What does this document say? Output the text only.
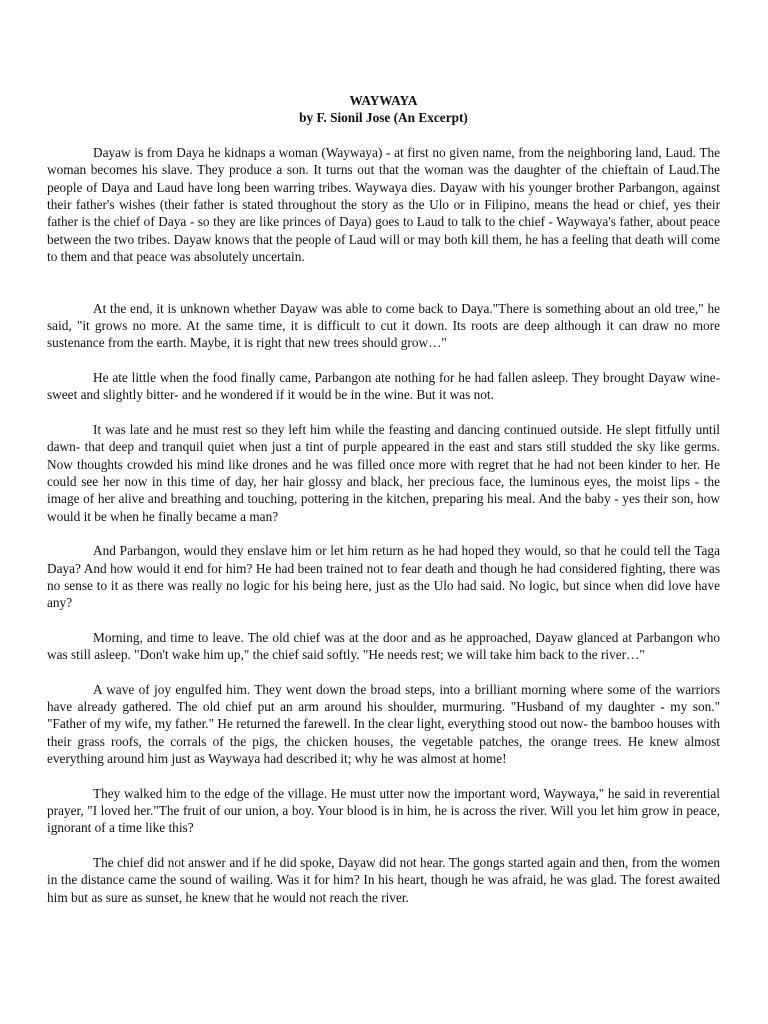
WAYWAYA

by F. Sionil Jose (An Excerpt)

Dayaw is from Daya he kidnaps a woman (Waywaya) - at first no given name, from the neighboring land, Laud. The woman becomes his slave. They produce a son. It turns out that the woman was the daughter of the chieftain of Laud.The people of Daya and Laud have long been warring tribes. Waywaya dies. Dayaw with his younger brother Parbangon, against their father's wishes (their father is stated throughout the story as the Ulo or in Filipino, means the head or chief, yes their father is the chief of Daya - so they are like princes of Daya) goes to Laud to talk to the chief - Waywaya's father, about peace between the two tribes. Dayaw knows that the people of Laud will or may both kill them, he has a feeling that death will come to them and that peace was absolutely uncertain.

At the end, it is unknown whether Dayaw was able to come back to Daya."There is something about an old tree," he said, "it grows no more. At the same time, it is difficult to cut it down. Its roots are deep although it can draw no more sustenance from the earth. Maybe, it is right that new trees should grow…"

He ate little when the food finally came, Parbangon ate nothing for he had fallen asleep. They brought Dayaw wine- sweet and slightly bitter- and he wondered if it would be in the wine. But it was not.

It was late and he must rest so they left him while the feasting and dancing continued outside. He slept fitfully until dawn- that deep and tranquil quiet when just a tint of purple appeared in the east and stars still studded the sky like germs. Now thoughts crowded his mind like drones and he was filled once more with regret that he had not been kinder to her. He could see her now in this time of day, her hair glossy and black, her precious face, the luminous eyes, the moist lips - the image of her alive and breathing and touching, pottering in the kitchen, preparing his meal. And the baby - yes their son, how would it be when he finally became a man?

And Parbangon, would they enslave him or let him return as he had hoped they would, so that he could tell the Taga Daya? And how would it end for him? He had been trained not to fear death and though he had considered fighting, there was no sense to it as there was really no logic for his being here, just as the Ulo had said. No logic, but since when did love have any?

Morning, and time to leave. The old chief was at the door and as he approached, Dayaw glanced at Parbangon who was still asleep. "Don't wake him up," the chief said softly. "He needs rest; we will take him back to the river…"

A wave of joy engulfed him. They went down the broad steps, into a brilliant morning where some of the warriors have already gathered. The old chief put an arm around his shoulder, murmuring. "Husband of my daughter - my son." "Father of my wife, my father." He returned the farewell. In the clear light, everything stood out now- the bamboo houses with their grass roofs, the corrals of the pigs, the chicken houses, the vegetable patches, the orange trees. He knew almost everything around him just as Waywaya had described it; why he was almost at home!

They walked him to the edge of the village. He must utter now the important word, Waywaya," he said in reverential prayer, "I loved her."The fruit of our union, a boy. Your blood is in him, he is across the river. Will you let him grow in peace, ignorant of a time like this?

The chief did not answer and if he did spoke, Dayaw did not hear. The gongs started again and then, from the women in the distance came the sound of wailing. Was it for him? In his heart, though he was afraid, he was glad. The forest awaited him but as sure as sunset, he knew that he would not reach the river.
